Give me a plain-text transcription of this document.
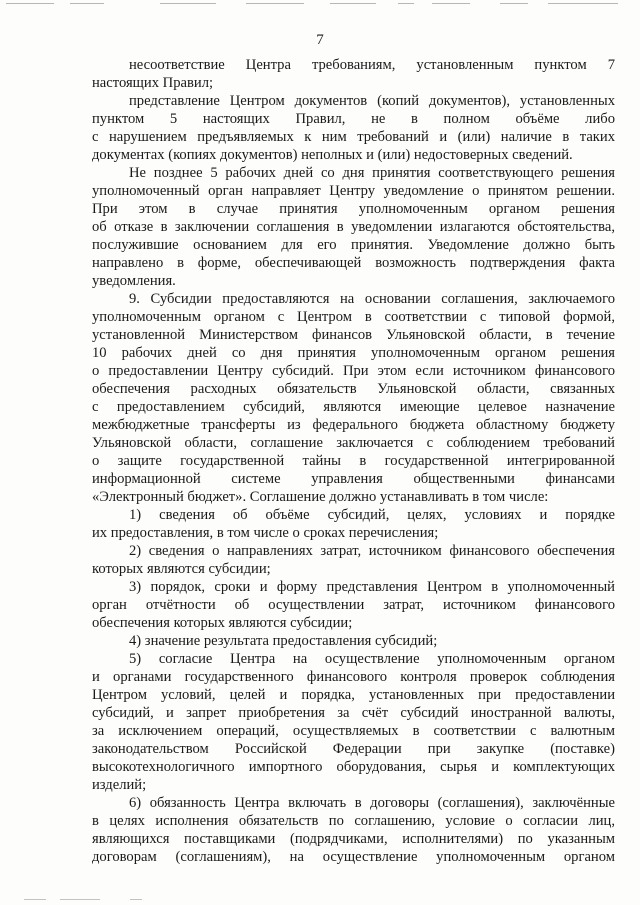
7
несоответствие Центра требованиям, установленным пунктом 7
настоящих Правил;
представление Центром документов (копий документов), установленных
пунктом 5 настоящих Правил, не в полном объёме либо
с нарушением предъявляемых к ним требований и (или) наличие в таких
документах (копиях документов) неполных и (или) недостоверных сведений.
Не позднее 5 рабочих дней со дня принятия соответствующего решения
уполномоченный орган направляет Центру уведомление о принятом решении.
При этом в случае принятия уполномоченным органом решения
об отказе в заключении соглашения в уведомлении излагаются обстоятельства,
послужившие основанием для его принятия. Уведомление должно быть
направлено в форме, обеспечивающей возможность подтверждения факта
уведомления.
9. Субсидии предоставляются на основании соглашения, заключаемого
уполномоченным органом с Центром в соответствии с типовой формой,
установленной Министерством финансов Ульяновской области, в течение
10 рабочих дней со дня принятия уполномоченным органом решения
о предоставлении Центру субсидий. При этом если источником финансового
обеспечения расходных обязательств Ульяновской области, связанных
с предоставлением субсидий, являются имеющие целевое назначение
межбюджетные трансферты из федерального бюджета областному бюджету
Ульяновской области, соглашение заключается с соблюдением требований
о защите государственной тайны в государственной интегрированной
информационной системе управления общественными финансами
«Электронный бюджет». Соглашение должно устанавливать в том числе:
1) сведения об объёме субсидий, целях, условиях и порядке
их предоставления, в том числе о сроках перечисления;
2) сведения о направлениях затрат, источником финансового обеспечения
которых являются субсидии;
3) порядок, сроки и форму представления Центром в уполномоченный
орган отчётности об осуществлении затрат, источником финансового
обеспечения которых являются субсидии;
4) значение результата предоставления субсидий;
5) согласие Центра на осуществление уполномоченным органом
и органами государственного финансового контроля проверок соблюдения
Центром условий, целей и порядка, установленных при предоставлении
субсидий, и запрет приобретения за счёт субсидий иностранной валюты,
за исключением операций, осуществляемых в соответствии с валютным
законодательством Российской Федерации при закупке (поставке)
высокотехнологичного импортного оборудования, сырья и комплектующих
изделий;
6) обязанность Центра включать в договоры (соглашения), заключённые
в целях исполнения обязательств по соглашению, условие о согласии лиц,
являющихся поставщиками (подрядчиками, исполнителями) по указанным
договорам (соглашениям), на осуществление уполномоченным органом
